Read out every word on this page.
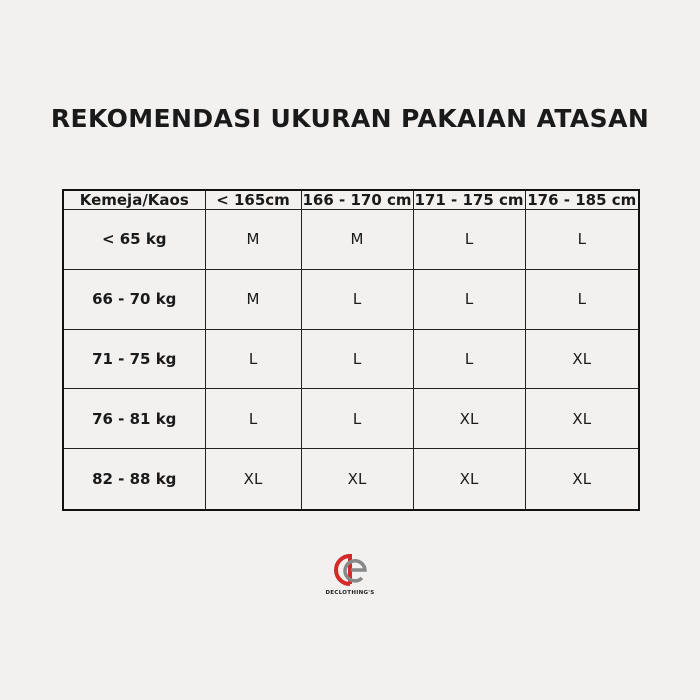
REKOMENDASI UKURAN PAKAIAN ATASAN
Kemeja/Kaos	< 165cm	166 - 170 cm	171 - 175 cm	176 - 185 cm
< 65 kg	M	M	L	L
66 - 70 kg	M	L	L	L
71 - 75 kg	L	L	L	XL
76 - 81 kg	L	L	XL	XL
82 - 88 kg	XL	XL	XL	XL
DECLOTHING'S
